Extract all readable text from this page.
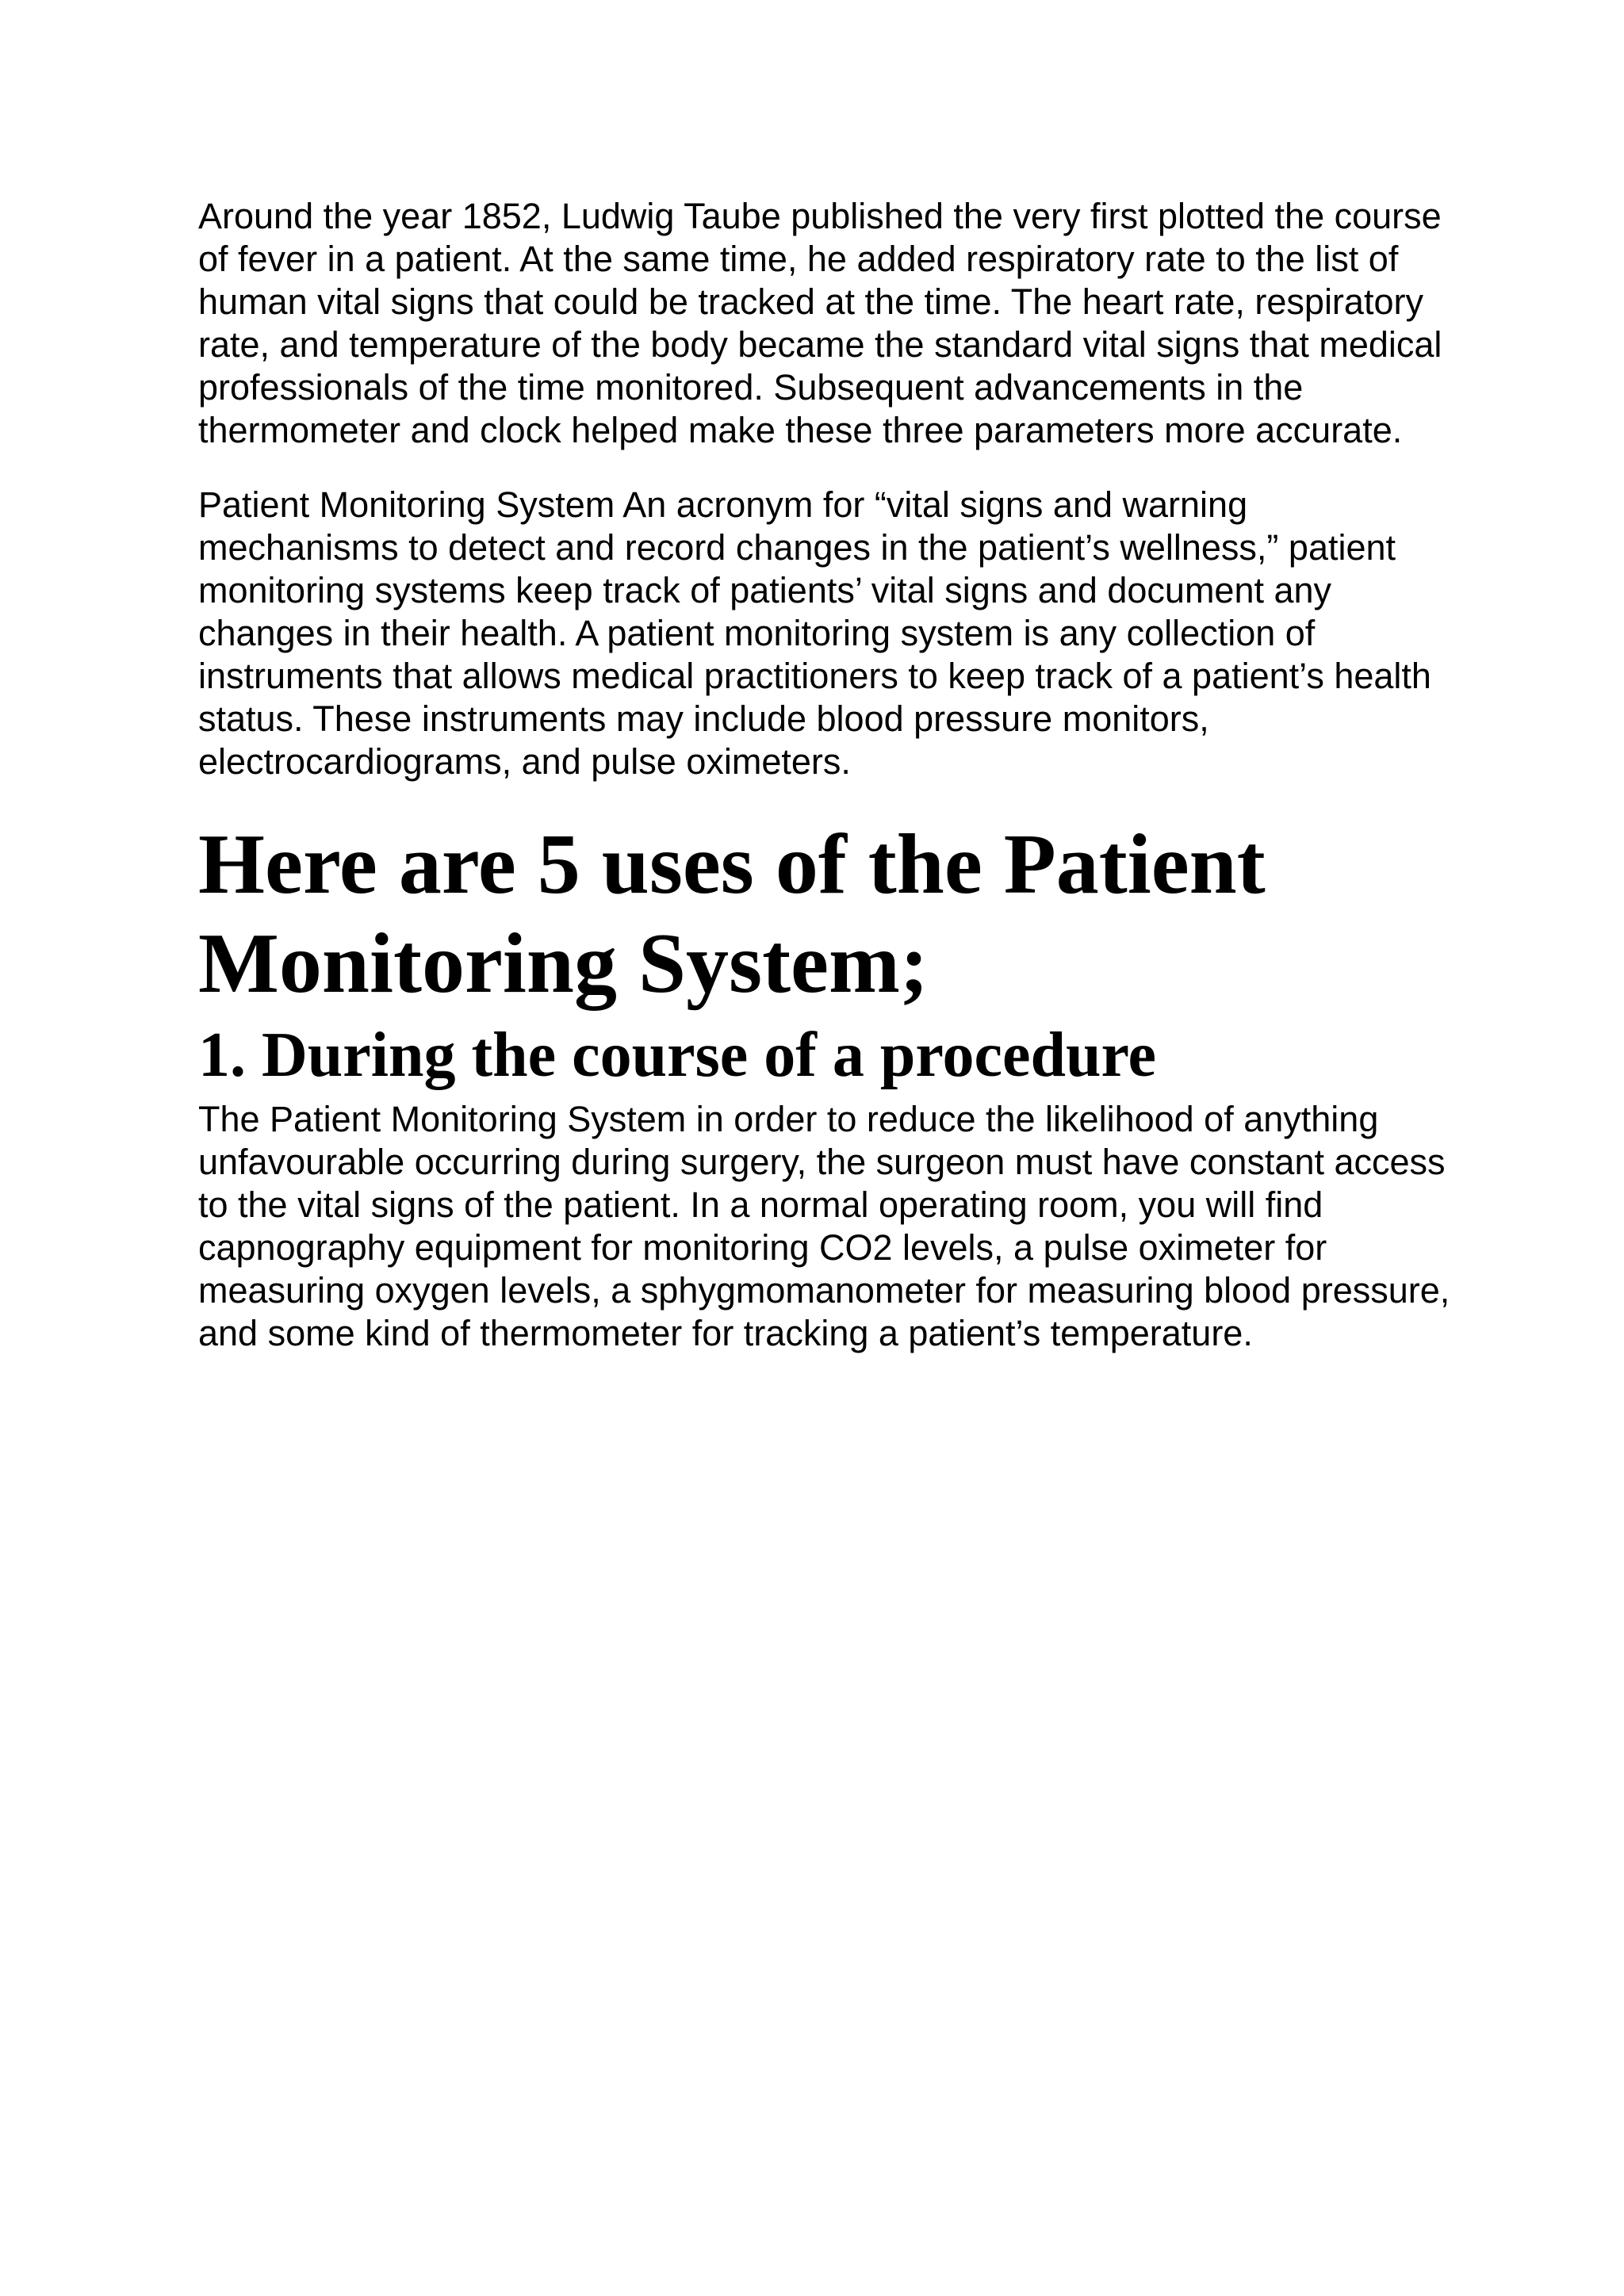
Around the year 1852, Ludwig Taube published the very first plotted the course of fever in a patient. At the same time, he added respiratory rate to the list of human vital signs that could be tracked at the time. The heart rate, respiratory rate, and temperature of the body became the standard vital signs that medical professionals of the time monitored. Subsequent advancements in the thermometer and clock helped make these three parameters more accurate.

Patient Monitoring System An acronym for “vital signs and warning mechanisms to detect and record changes in the patient’s wellness,” patient monitoring systems keep track of patients’ vital signs and document any changes in their health. A patient monitoring system is any collection of instruments that allows medical practitioners to keep track of a patient’s health status. These instruments may include blood pressure monitors, electrocardiograms, and pulse oximeters.

Here are 5 uses of the Patient Monitoring System;
1. During the course of a procedure

The Patient Monitoring System in order to reduce the likelihood of anything unfavourable occurring during surgery, the surgeon must have constant access to the vital signs of the patient. In a normal operating room, you will find capnography equipment for monitoring CO2 levels, a pulse oximeter for measuring oxygen levels, a sphygmomanometer for measuring blood pressure, and some kind of thermometer for tracking a patient’s temperature.
